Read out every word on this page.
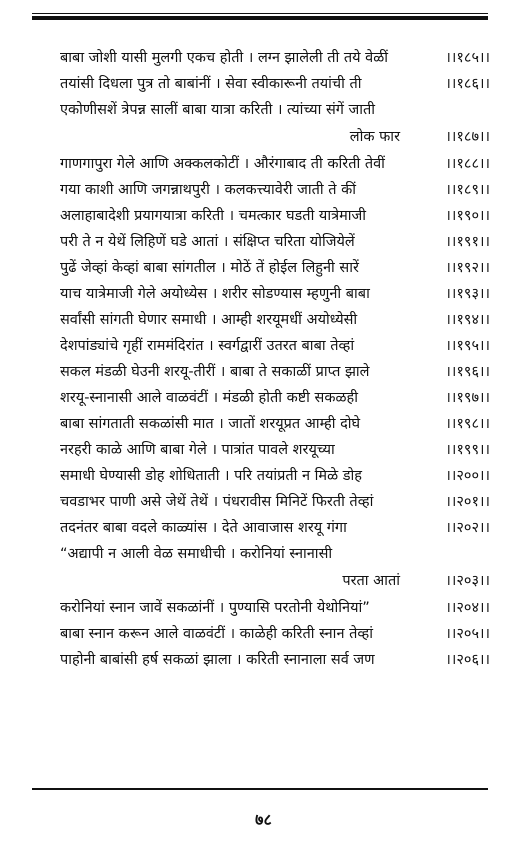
बाबा जोशी यासी मुलगी एकच होती । लग्न झालेली ती तये वेळीं	।।१८५।।
तयांसी दिधला पुत्र तो बाबांनीं । सेवा स्वीकारूनी तयांची ती	।।१८६।।
एकोणीसशें त्रेपन्न सालीं बाबा यात्रा करिती । त्यांच्या संगें जाती
लोक फार	।।१८७।।
गाणगापुरा गेले आणि अक्कलकोटीं । औरंगाबाद ती करिती तेवीं	।।१८८।।
गया काशी आणि जगन्नाथपुरी । कलकत्त्यावेरी जाती ते कीं	।।१८९।।
अलाहाबादेशी प्रयागयात्रा करिती । चमत्कार घडती यात्रेमाजी	।।१९०।।
परी ते न येथें लिहिणें घडे आतां । संक्षिप्त चरिता योजियेलें	।।१९१।।
पुढें जेव्हां केव्हां बाबा सांगतील । मोठें तें होईल लिहुनी सारें	।।१९२।।
याच यात्रेमाजी गेले अयोध्येस । शरीर सोडण्यास म्हणुनी बाबा	।।१९३।।
सर्वांसी सांगती घेणार समाधी । आम्ही शरयूमधीं अयोध्येसी	।।१९४।।
देशपांड्यांचे गृहीं राममंदिरांत । स्वर्गद्वारीं उतरत बाबा तेव्हां	।।१९५।।
सकल मंडळी घेउनी शरयू-तीरीं । बाबा ते सकाळीं प्राप्त झाले	।।१९६।।
शरयू-स्नानासी आले वाळवंटीं । मंडळी होती कष्टी सकळही	।।१९७।।
बाबा सांगताती सकळांसी मात । जातों शरयूप्रत आम्ही दोघे	।।१९८।।
नरहरी काळे आणि बाबा गेले । पात्रांत पावले शरयूच्या	।।१९९।।
समाधी घेण्यासी डोह शोधिताती । परि तयांप्रती न मिळे डोह	।।२००।।
चवडाभर पाणी असे जेथें तेथें । पंधरावीस मिनिटें फिरती तेव्हां	।।२०१।।
तदनंतर बाबा वदले काळ्यांस । देते आवाजास शरयू गंगा	।।२०२।।
“अद्यापी न आली वेळ समाधीची । करोनियां स्नानासी
परता आतां	।।२०३।।
करोनियां स्नान जावें सकळांनीं । पुण्यासि परतोनी येथोनियां”	।।२०४।।
बाबा स्नान करून आले वाळवंटीं । काळेही करिती स्नान तेव्हां	।।२०५।।
पाहोनी बाबांसी हर्ष सकळां झाला । करिती स्नानाला सर्व जण	।।२०६।।
७८
